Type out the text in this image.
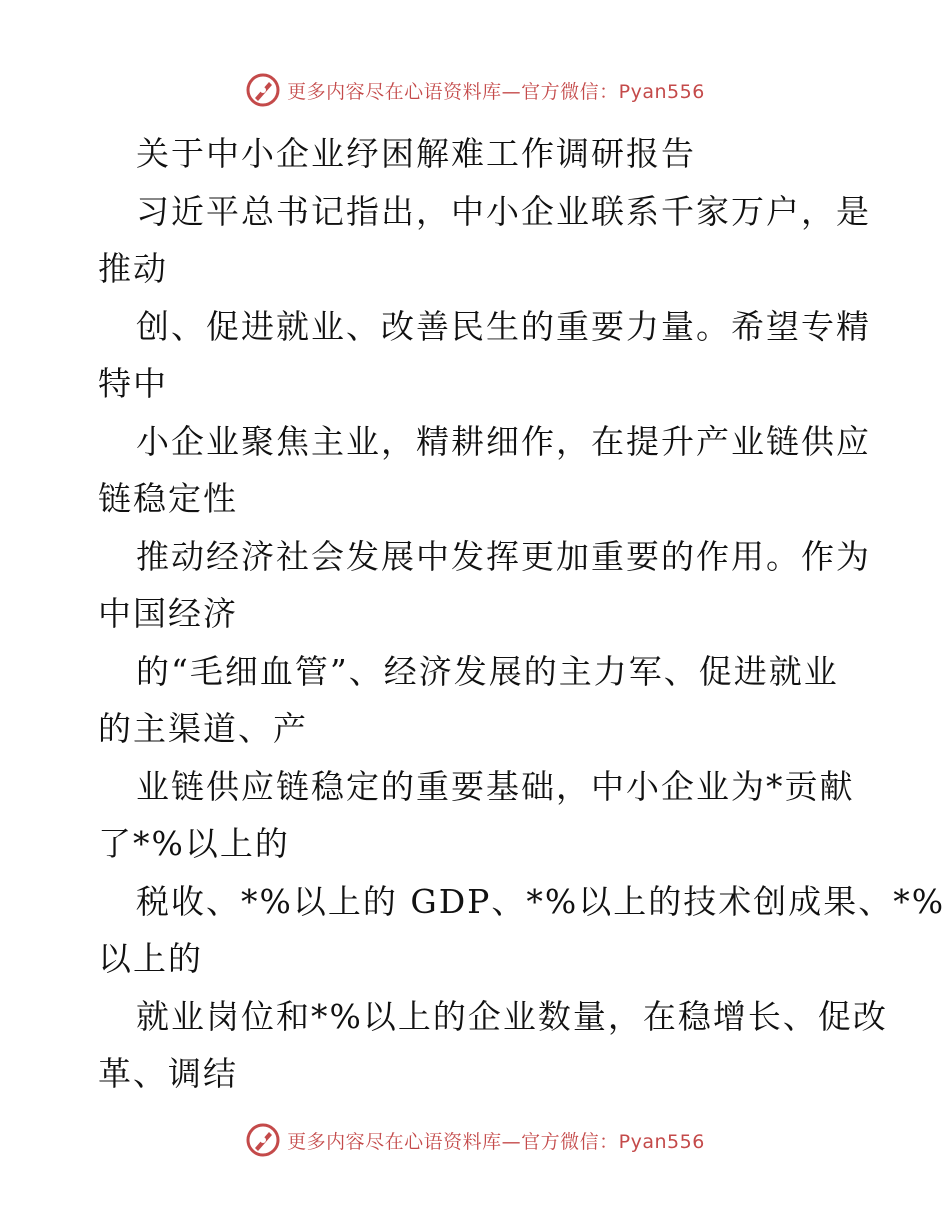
更多内容尽在心语资料库—官方微信：Pyan556
关于中小企业纾困解难工作调研报告
习近平总书记指出，中小企业联系千家万户，是
推动
创、促进就业、改善民生的重要力量。希望专精
特中
小企业聚焦主业，精耕细作，在提升产业链供应
链稳定性
推动经济社会发展中发挥更加重要的作用。作为
中国经济
的“毛细血管”、经济发展的主力军、促进就业
的主渠道、产
业链供应链稳定的重要基础，中小企业为*贡献
了*%以上的
税收、*%以上的 GDP、*%以上的技术创成果、*%
以上的
就业岗位和*%以上的企业数量，在稳增长、促改
革、调结
更多内容尽在心语资料库—官方微信：Pyan556
